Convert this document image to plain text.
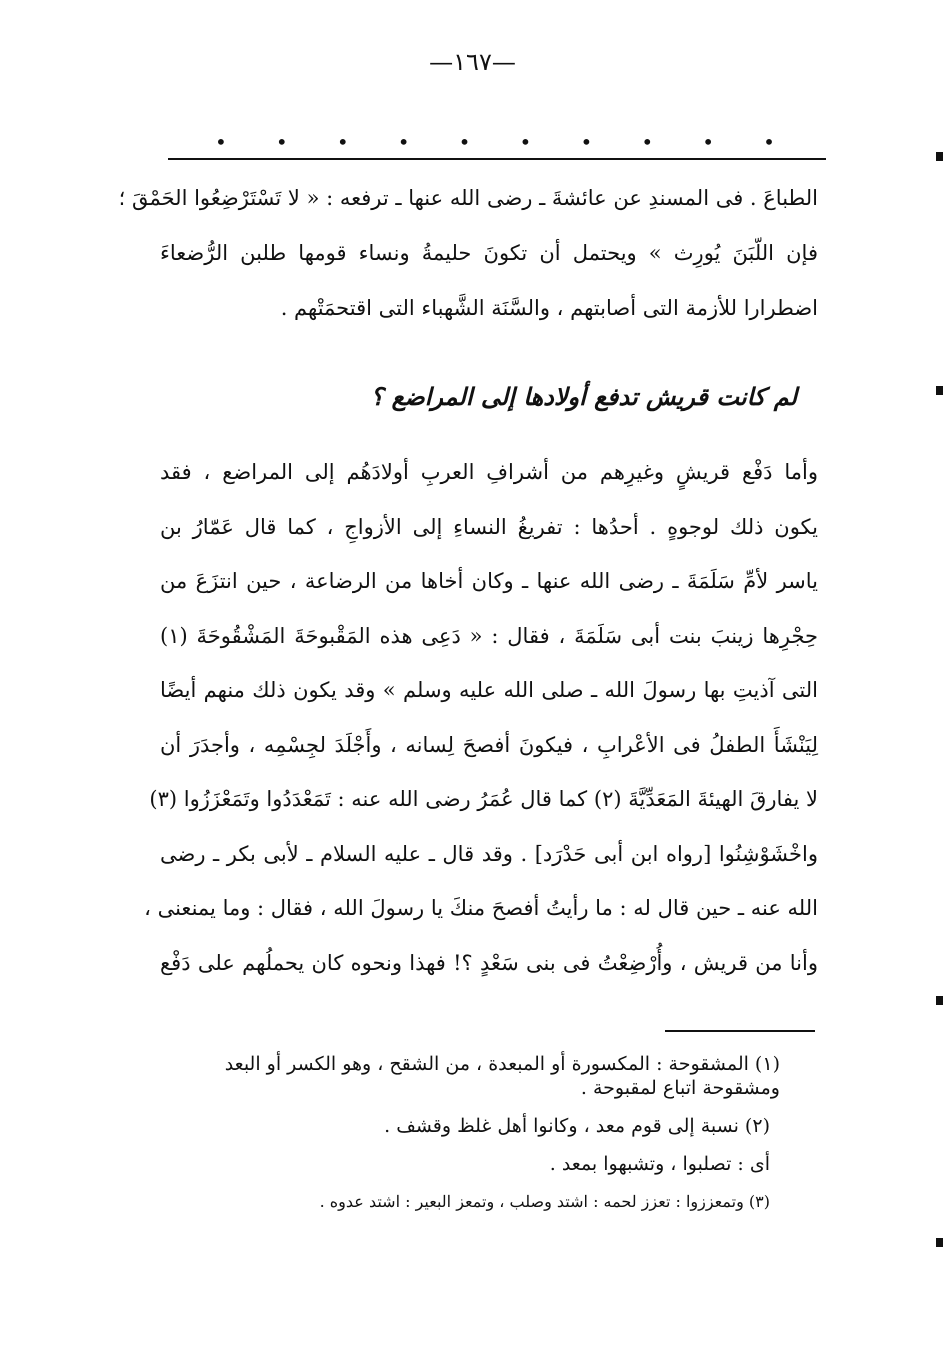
—١٦٧—
• • • • • • • • • •
الطباعَ . فى المسندِ عن عائشةَ ـ رضى الله عنها ـ ترفعه : « لا تَسْتَرْضِعُوا الحَمْقَ ؛
فإن اللّبَنَ يُورِث » ويحتمل أن تكونَ حليمةُ ونساء قومها طلبن الرُّضعاءَ
اضطرارا للأزمة التى أصابتهم ، والسَّنَة الشَّهباء التى اقتحمَتْهم .
لم كانت قريش تدفع أولادها إلى المراضع ؟
وأما دَفْع قريشٍ وغيرِهم من أشرافِ العربِ أولادَهُم إلى المراضع ، فقد
يكون ذلك لوجوهٍ . أحدُها : تفريغُ النساءِ إلى الأزواجِ ، كما قال عَمّارُ بن
ياسر لأمِّ سَلَمَةَ ـ رضى الله عنها ـ وكان أخاها من الرضاعة ، حين انتزَعَ من
حِجْرِها زينبَ بنت أبى سَلَمَةَ ، فقال : « دَعِى هذه المَقْبوحَةَ المَشْقُوحَةَ (١)
التى آذيتِ بها رسولَ الله ـ صلى الله عليه وسلم » وقد يكون ذلك منهم أيضًا
لِيَنْشَأَ الطفلُ فى الأعْرابِ ، فيكونَ أفصحَ لِسانه ، وأَجْلَدَ لجِسْمِه ، وأجدَرَ أن
لا يفارقَ الهيئةَ المَعَدِّيَّةَ (٢) كما قال عُمَرُ رضى الله عنه : تَمَعْدَدُوا وتَمَعْزَزُوا (٣)
واخْشَوْشِنُوا [رواه ابن أبى حَدْرَد] . وقد قال ـ عليه السلام ـ لأبى بكر ـ رضى
الله عنه ـ حين قال له : ما رأيتُ أفصحَ منكَ يا رسولَ الله ، فقال : وما يمنعنى ،
وأنا من قريش ، وأُرْضِعْتُ فى بنى سَعْدٍ ؟! فهذا ونحوه كان يحملُهم على دَفْع
(١) المشقوحة : المكسورة أو المبعدة ، من الشقح ، وهو الكسر أو البعد
ومشقوحة اتباع لمقبوحة .
(٢) نسبة إلى قوم معد ، وكانوا أهل غلظ وقشف .
أى : تصلبوا ، وتشبهوا بمعد .
(٣) وتمعززوا : تعزز لحمه : اشتد وصلب ، وتمعز البعير : اشتد عدوه .
